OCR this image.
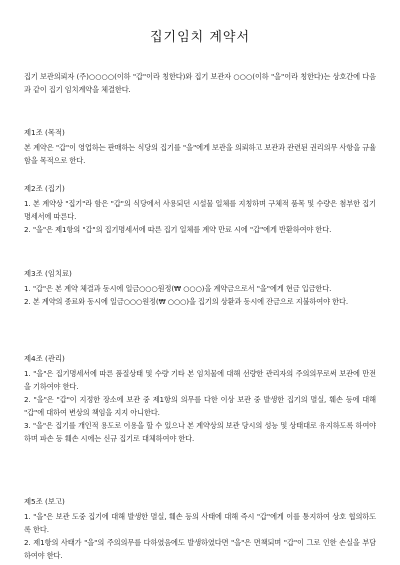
집기임치 계약서
집기 보관의뢰자 (주)○○○○(이하 "갑"이라 칭한다)와 집기 보관자 ○○○(이하 "을"이라 칭한다)는 상호간에 다음과 같이 집기 임치계약을 체결한다.
제1조 (목적)

본 계약은 "갑"이 영업하는 판매하는 식당의 집기를 "을"에게 보관을 의뢰하고 보관과 관련된 권리의무 사항을 규율함을 목적으로 한다.

제2조 (집기)

1. 본 계약상 "집기"라 함은 "갑"의 식당에서 사용되던 시설물 일체를 지칭하며 구체적 품목 및 수량은 첨부한 집기명세서에 따른다.

2. "을"은 제1항의 "갑"의 집기명세서에 따른 집기 일체를 계약 만료 시에 "갑"에게 반환하여야 한다.

제3조 (임치료)

1. "갑"은 본 계약 체결과 동시에 일금○○○원정(₩ ○○○)을 계약금으로서 "을"에게 현금 입금한다.

2. 본 계약의 종료와 동시에 일금○○○원정(₩ ○○○)을 집기의 상환과 동시에 잔금으로 지불하여야 한다.

제4조 (관리)

1. "을"은 집기명세서에 따른 품질상태 및 수량 기타 본 임치물에 대해 선량한 관리자의 주의의무로써 보관에 만전을 기하여야 한다.

2. "을"은 "갑"이 지정한 장소에 보관 중 제1항의 의무를 다한 이상 보관 중 발생한 집기의 멸실, 훼손 등에 대해 "갑"에 대하여 변상의 책임을 지지 아니한다.

3. "을"은 집기를 개인적 용도로 이용을 할 수 있으나 본 계약상의 보관 당시의 성능 및 상태대로 유지하도록 하여야 하며 파손 등 훼손 시에는 신규 집기로 대체하여야 한다.

제5조 (보고)

1. "을"은 보관 도중 집기에 대해 발생한 멸실, 훼손 등의 사태에 대해 즉시 "갑"에게 이를 통지하여 상호 협의하도록 한다.

2. 제1항의 사태가 "을"의 주의의무를 다하였음에도 발생하였다면 "을"은 면책되며 "갑"이 그로 인한 손실을 부담 하여야 한다.
